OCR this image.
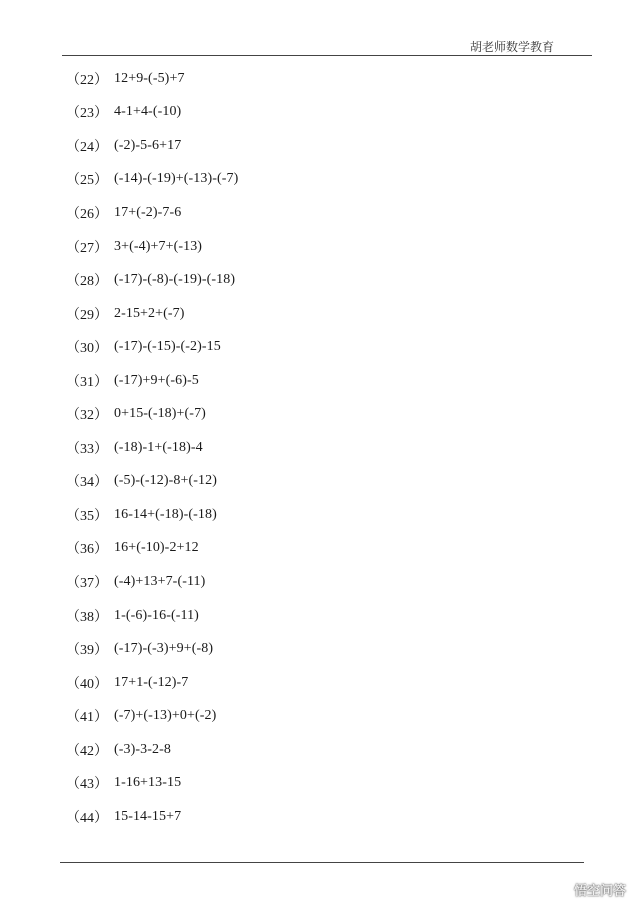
胡老师数学教育
（22） 12+9-(-5)+7
（23） 4-1+4-(-10)
（24） (-2)-5-6+17
（25） (-14)-(-19)+(-13)-(-7)
（26） 17+(-2)-7-6
（27） 3+(-4)+7+(-13)
（28） (-17)-(-8)-(-19)-(-18)
（29） 2-15+2+(-7)
（30） (-17)-(-15)-(-2)-15
（31） (-17)+9+(-6)-5
（32） 0+15-(-18)+(-7)
（33） (-18)-1+(-18)-4
（34） (-5)-(-12)-8+(-12)
（35） 16-14+(-18)-(-18)
（36） 16+(-10)-2+12
（37） (-4)+13+7-(-11)
（38） 1-(-6)-16-(-11)
（39） (-17)-(-3)+9+(-8)
（40） 17+1-(-12)-7
（41） (-7)+(-13)+0+(-2)
（42） (-3)-3-2-8
（43） 1-16+13-15
（44） 15-14-15+7
悟空问答
